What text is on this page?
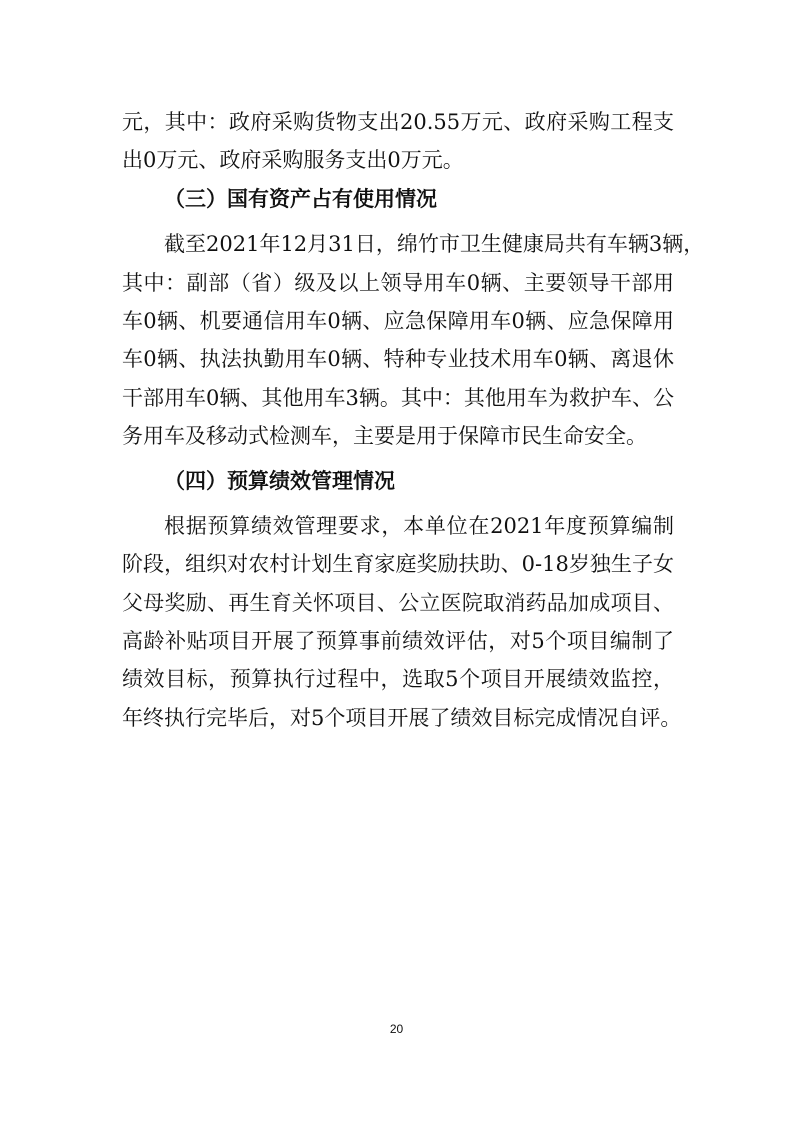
元，其中：政府采购货物支出20.55万元、政府采购工程支
出0万元、政府采购服务支出0万元。
（三）国有资产占有使用情况
截至2021年12月31日，绵竹市卫生健康局共有车辆3辆，
其中：副部（省）级及以上领导用车0辆、主要领导干部用
车0辆、机要通信用车0辆、应急保障用车0辆、应急保障用
车0辆、执法执勤用车0辆、特种专业技术用车0辆、离退休
干部用车0辆、其他用车3辆。其中：其他用车为救护车、公
务用车及移动式检测车，主要是用于保障市民生命安全。
（四）预算绩效管理情况
根据预算绩效管理要求，本单位在2021年度预算编制
阶段，组织对农村计划生育家庭奖励扶助、0-18岁独生子女
父母奖励、再生育关怀项目、公立医院取消药品加成项目、
高龄补贴项目开展了预算事前绩效评估，对5个项目编制了
绩效目标，预算执行过程中，选取5个项目开展绩效监控，
年终执行完毕后，对5个项目开展了绩效目标完成情况自评。
20
